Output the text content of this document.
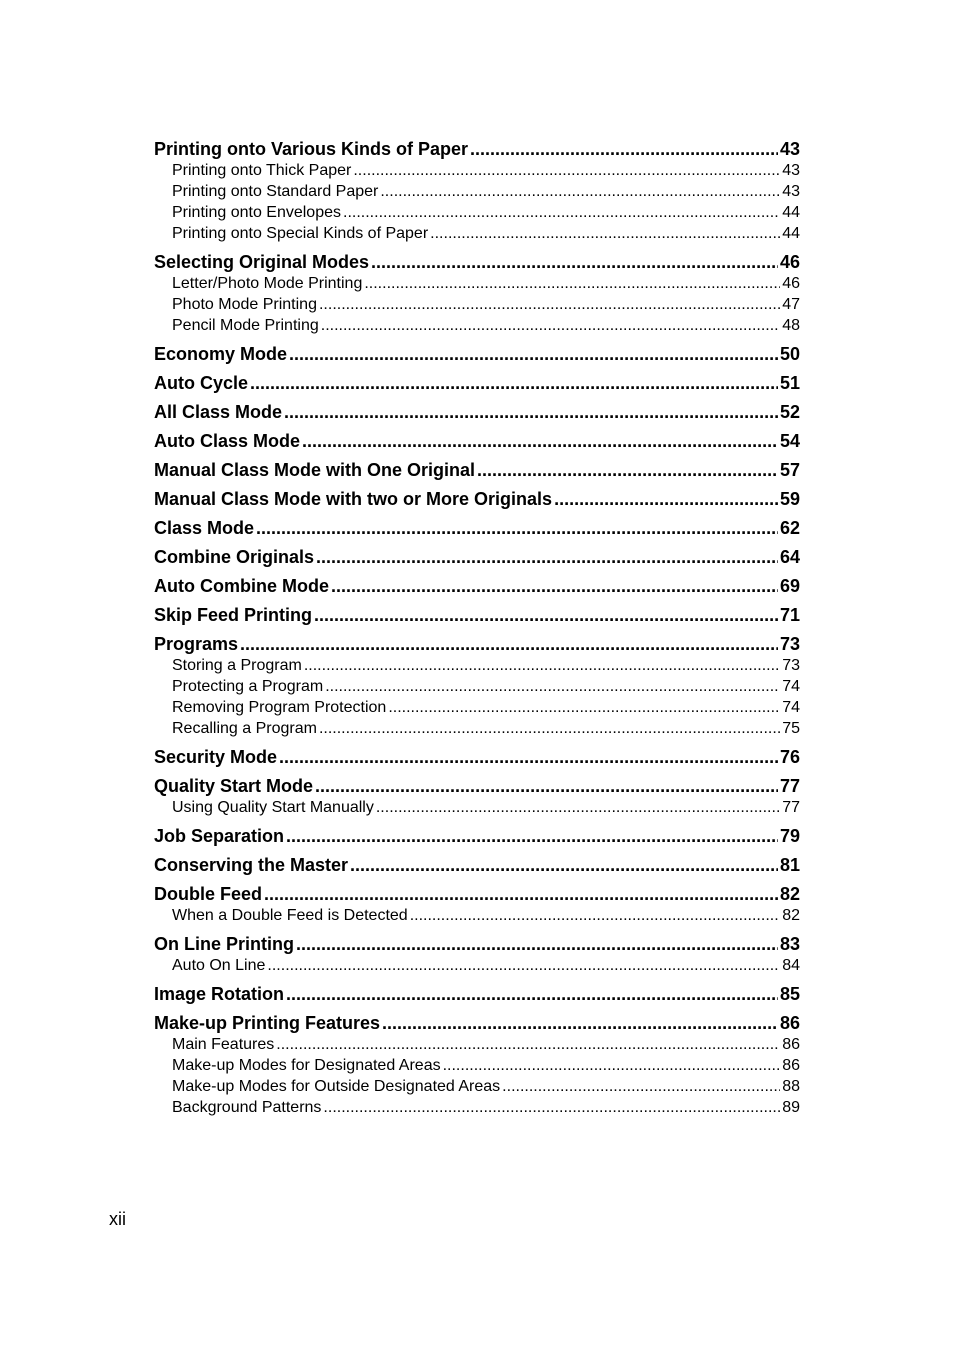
Printing onto Various Kinds of Paper .....	43
Printing onto Thick Paper .....	43
Printing onto Standard Paper .....	43
Printing onto Envelopes .....	44
Printing onto Special Kinds of Paper .....	44
Selecting Original Modes .....	46
Letter/Photo Mode Printing .....	46
Photo Mode Printing .....	47
Pencil Mode Printing .....	48
Economy Mode .....	50
Auto Cycle .....	51
All Class Mode .....	52
Auto Class Mode .....	54
Manual Class Mode with One Original .....	57
Manual Class Mode with two or More Originals .....	59
Class Mode .....	62
Combine Originals .....	64
Auto Combine Mode .....	69
Skip Feed Printing .....	71
Programs .....	73
Storing a Program .....	73
Protecting a Program .....	74
Removing Program Protection .....	74
Recalling a Program .....	75
Security Mode .....	76
Quality Start Mode .....	77
Using Quality Start Manually .....	77
Job Separation .....	79
Conserving the Master .....	81
Double Feed .....	82
When a Double Feed is Detected .....	82
On Line Printing .....	83
Auto On Line .....	84
Image Rotation .....	85
Make-up Printing Features .....	86
Main Features .....	86
Make-up Modes for Designated Areas .....	86
Make-up Modes for Outside Designated Areas .....	88
Background Patterns .....	89
xii
